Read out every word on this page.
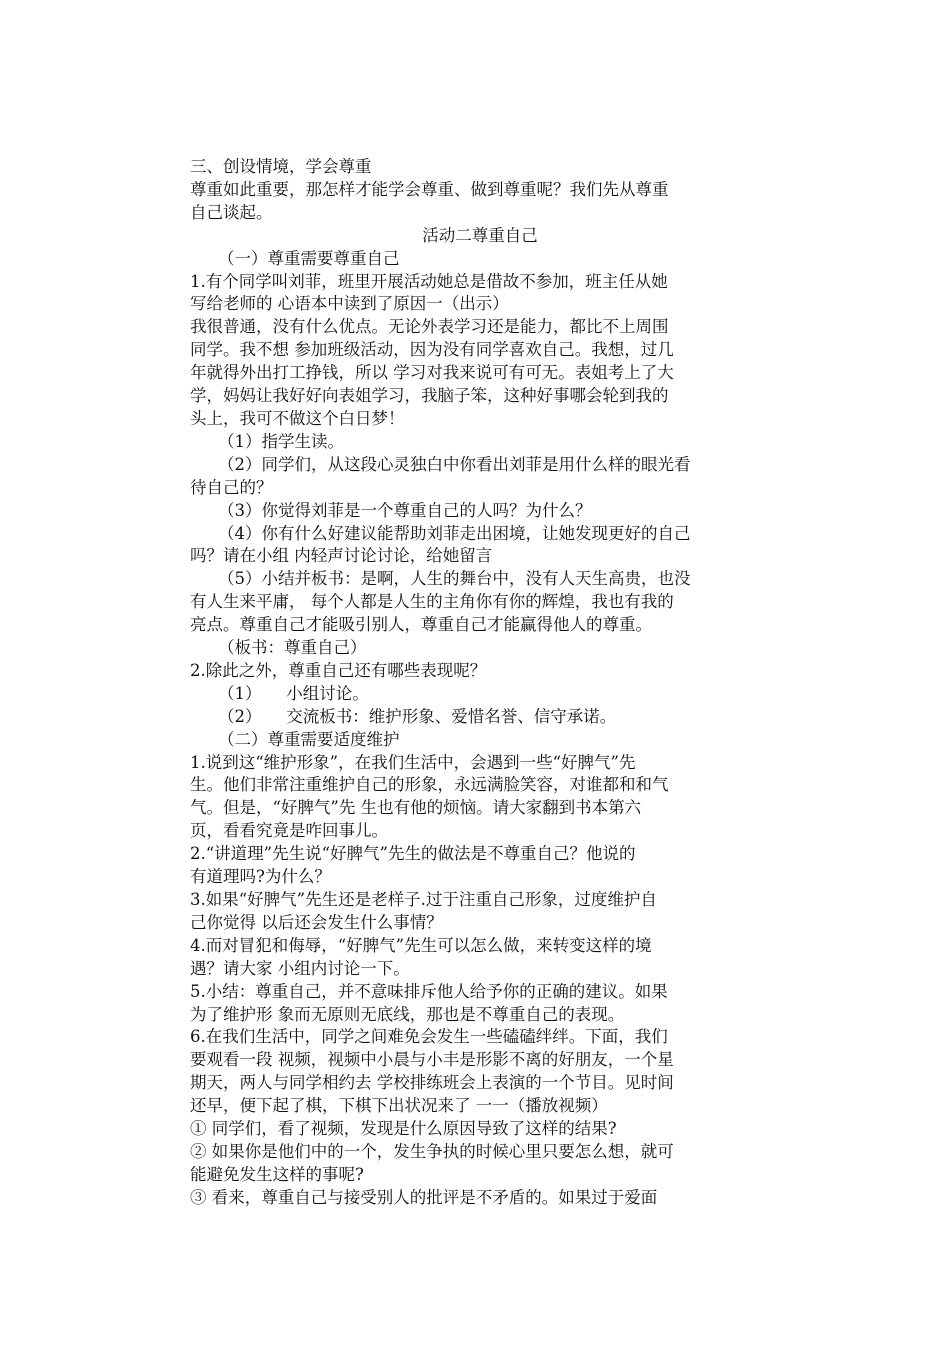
三、创设情境，学会尊重

尊重如此重要，那怎样才能学会尊重、做到尊重呢？我们先从尊重

自己谈起。

活动二尊重自己

（一）尊重需要尊重自己

1.有个同学叫刘菲，班里开展活动她总是借故不参加，班主任从她

写给老师的 心语本中读到了原因一（出示）

我很普通，没有什么优点。无论外表学习还是能力，都比不上周围

同学。我不想 参加班级活动，因为没有同学喜欢自己。我想，过几

年就得外出打工挣钱，所以 学习对我来说可有可无。表姐考上了大

学，妈妈让我好好向表姐学习，我脑子笨，这种好事哪会轮到我的

头上，我可不做这个白日梦！

（1）指学生读。

（2）同学们，从这段心灵独白中你看出刘菲是用什么样的眼光看

待自己的？

（3）你觉得刘菲是一个尊重自己的人吗？为什么？

（4）你有什么好建议能帮助刘菲走出困境，让她发现更好的自己

吗？请在小组 内轻声讨论讨论，给她留言

（5）小结并板书：是啊，人生的舞台中，没有人天生高贵，也没

有人生来平庸， 每个人都是人生的主角你有你的辉煌，我也有我的

亮点。尊重自己才能吸引别人，尊重自己才能赢得他人的尊重。

（板书：尊重自己）

2.除此之外，尊重自己还有哪些表现呢？

（1）　　小组讨论。

（2）　　交流板书：维护形象、爱惜名誉、信守承诺。

（二）尊重需要适度维护

1.说到这“维护形象”，在我们生活中，会遇到一些“好脾气”先

生。他们非常注重维护自己的形象，永远满脸笑容，对谁都和和气

气。但是，“好脾气”先 生也有他的烦恼。请大家翻到书本第六

页，看看究竟是咋回事儿。

2.“讲道理”先生说“好脾气”先生的做法是不尊重自己？他说的

有道理吗?为什么？

3.如果“好脾气”先生还是老样子.过于注重自己形象，过度维护自

己你觉得 以后还会发生什么事情？

4.而对冒犯和侮辱，“好脾气”先生可以怎么做，来转变这样的境

遇？请大家 小组内讨论一下。

5.小结：尊重自己，并不意味排斥他人给予你的正确的建议。如果

为了维护形 象而无原则无底线，那也是不尊重自己的表现。

6.在我们生活中，同学之间难免会发生一些磕磕绊绊。下面，我们

要观看一段 视频，视频中小晨与小丰是形影不离的好朋友，一个星

期天，两人与同学相约去 学校排练班会上表演的一个节目。见时间

还早，便下起了棋，下棋下出状况来了 一一（播放视频）

① 同学们，看了视频，发现是什么原因导致了这样的结果?

② 如果你是他们中的一个，发生争执的时候心里只要怎么想，就可

能避免发生这样的事呢?

③ 看来，尊重自己与接受别人的批评是不矛盾的。如果过于爱面
